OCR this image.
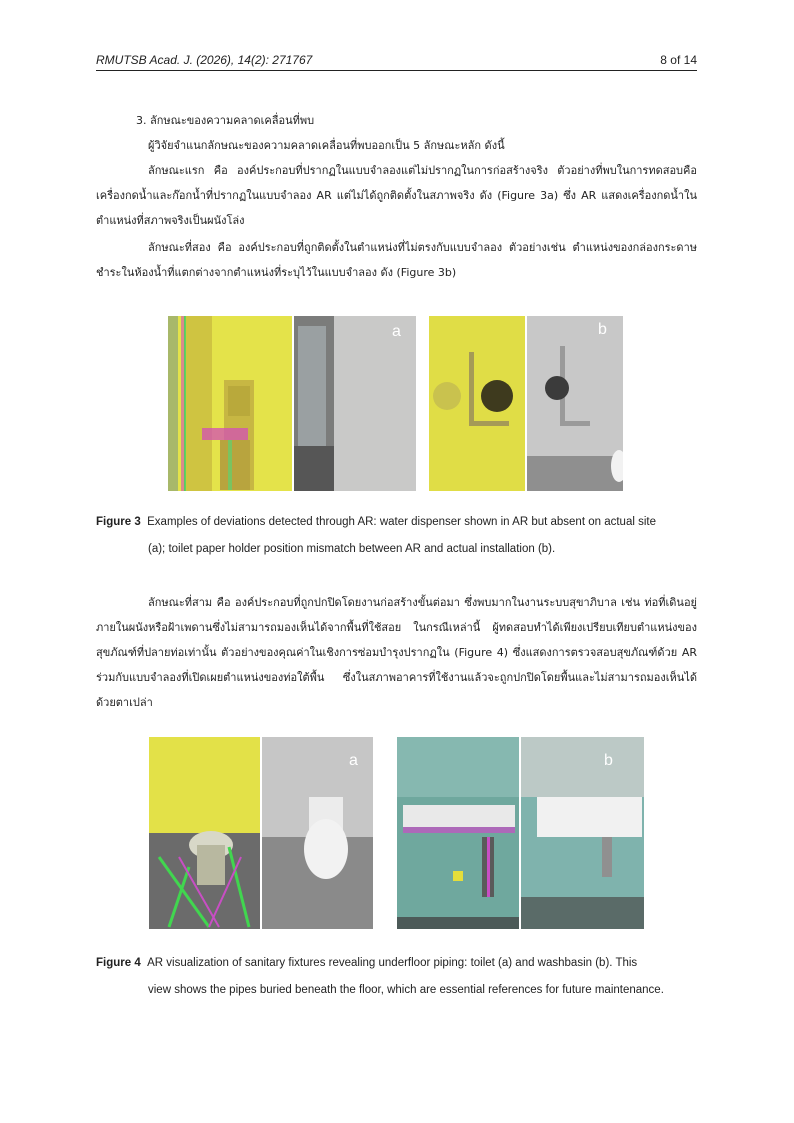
RMUTSB Acad. J. (2026), 14(2): 271767	8 of 14
3. ลักษณะของความคลาดเคลื่อนที่พบ
ผู้วิจัยจำแนกลักษณะของความคลาดเคลื่อนที่พบออกเป็น 5 ลักษณะหลัก ดังนี้
ลักษณะแรก คือ องค์ประกอบที่ปรากฏในแบบจำลองแต่ไม่ปรากฏในการก่อสร้างจริง ตัวอย่างที่พบในการทดสอบคือ เครื่องกดน้ำและก๊อกน้ำที่ปรากฏในแบบจำลอง AR แต่ไม่ได้ถูกติดตั้งในสภาพจริง ดัง (Figure 3a) ซึ่ง AR แสดงเครื่องกดน้ำในตำแหน่งที่สภาพจริงเป็นผนังโล่ง
ลักษณะที่สอง คือ องค์ประกอบที่ถูกติดตั้งในตำแหน่งที่ไม่ตรงกับแบบจำลอง ตัวอย่างเช่น ตำแหน่งของกล่องกระดาษชำระในห้องน้ำที่แตกต่างจากตำแหน่งที่ระบุไว้ในแบบจำลอง ดัง (Figure 3b)
a	b
Figure 3 Examples of deviations detected through AR: water dispenser shown in AR but absent on actual site
(a); toilet paper holder position mismatch between AR and actual installation (b).
ลักษณะที่สาม คือ องค์ประกอบที่ถูกปกปิดโดยงานก่อสร้างขั้นต่อมา ซึ่งพบมากในงานระบบสุขาภิบาล เช่น ท่อที่เดินอยู่ภายในผนังหรือฝ้าเพดานซึ่งไม่สามารถมองเห็นได้จากพื้นที่ใช้สอย ในกรณีเหล่านี้ ผู้ทดสอบทำได้เพียงเปรียบเทียบตำแหน่งของสุขภัณฑ์ที่ปลายท่อเท่านั้น ตัวอย่างของคุณค่าในเชิงการซ่อมบำรุงปรากฏใน (Figure 4) ซึ่งแสดงการตรวจสอบสุขภัณฑ์ด้วย AR ร่วมกับแบบจำลองที่เปิดเผยตำแหน่งของท่อใต้พื้น ซึ่งในสภาพอาคารที่ใช้งานแล้วจะถูกปกปิดโดยพื้นและไม่สามารถมองเห็นได้ด้วยตาเปล่า
a	b
Figure 4 AR visualization of sanitary fixtures revealing underfloor piping: toilet (a) and washbasin (b). This
view shows the pipes buried beneath the floor, which are essential references for future maintenance.
